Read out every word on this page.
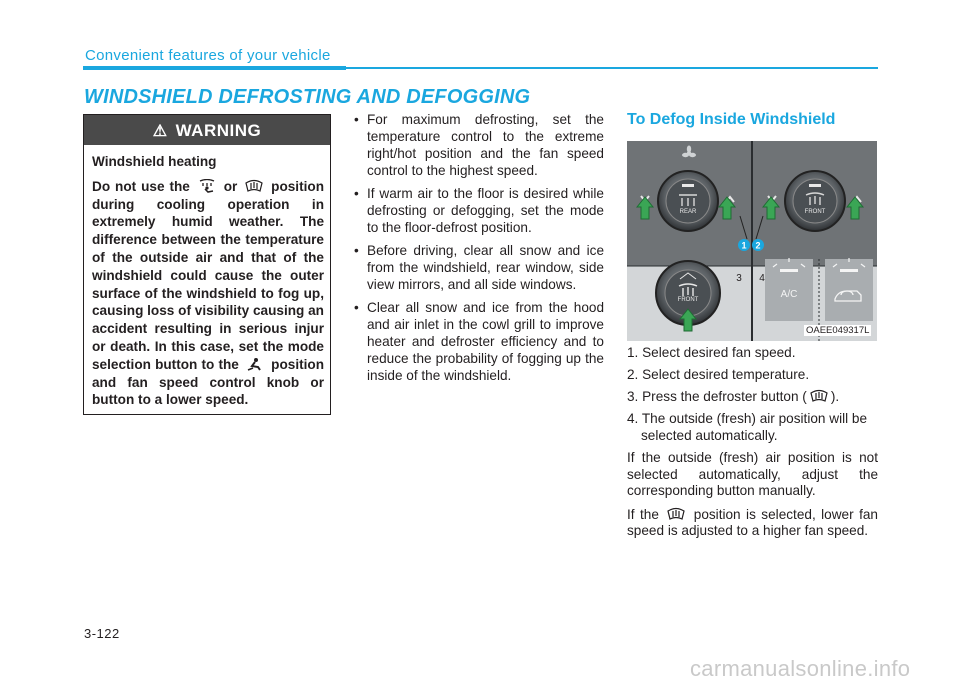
Convenient features of your vehicle
WINDSHIELD DEFROSTING AND DEFOGGING
⚠ WARNING

Windshield heating

Do not use the or position during cooling operation in extremely humid weather. The difference between the temperature of the outside air and that of the windshield could cause the outer surface of the windshield to fog up, causing loss of visibility causing an accident resulting in serious injur or death. In this case, set the mode selection button to the position and fan speed control knob or button to a lower speed.

• For maximum defrosting, set the temperature control to the extreme right/hot position and the fan speed control to the highest speed.
• If warm air to the floor is desired while defrosting or defogging, set the mode to the floor-defrost position.
• Before driving, clear all snow and ice from the windshield, rear window, side view mirrors, and all side windows.
• Clear all snow and ice from the hood and air inlet in the cowl grill to improve heater and defroster efficiency and to reduce the probability of fogging up the inside of the windshield.
To Defog Inside Windshield
REAR	FRONT
1 2
3 4
FRONT	A/C
OAEE049317L
1. Select desired fan speed.
2. Select desired temperature.
3. Press the defroster button ( ).
4. The outside (fresh) air position will be selected automatically.

If the outside (fresh) air position is not selected automatically, adjust the corresponding button manually.

If the	position is selected, lower fan speed is adjusted to a higher fan speed.

3-122
carmanualsonline.info
